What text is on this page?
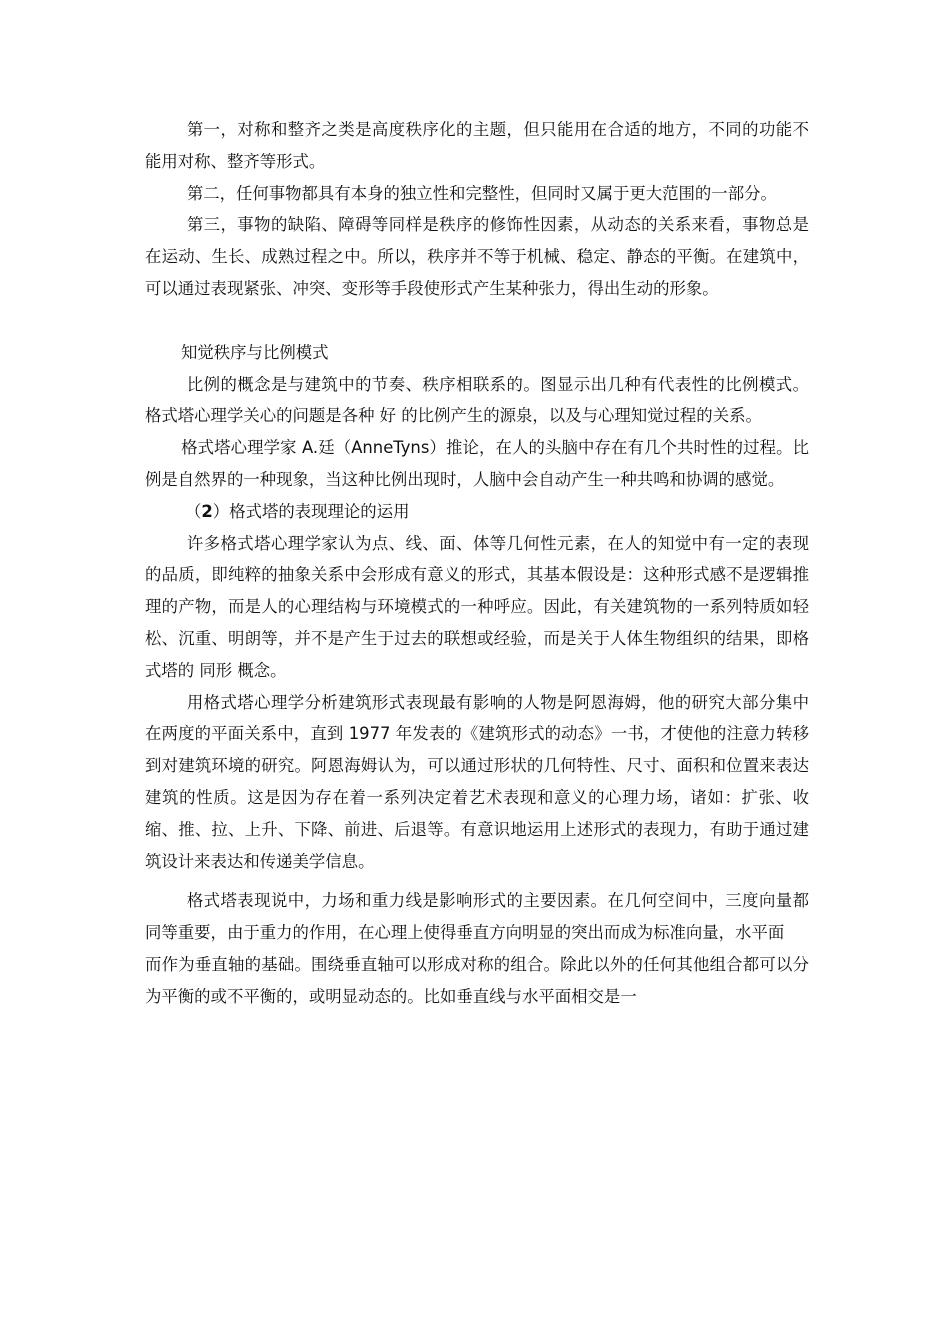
第一，对称和整齐之类是高度秩序化的主题，但只能用在合适的地方，不同的功能不能用对称、整齐等形式。

第二，任何事物都具有本身的独立性和完整性，但同时又属于更大范围的一部分。

第三，事物的缺陷、障碍等同样是秩序的修饰性因素，从动态的关系来看，事物总是在运动、生长、成熟过程之中。所以，秩序并不等于机械、稳定、静态的平衡。在建筑中，可以通过表现紧张、冲突、变形等手段使形式产生某种张力，得出生动的形象。

知觉秩序与比例模式

比例的概念是与建筑中的节奏、秩序相联系的。图显示出几种有代表性的比例模式。格式塔心理学关心的问题是各种 好 的比例产生的源泉，以及与心理知觉过程的关系。

格式塔心理学家 A.廷（AnneTyns）推论，在人的头脑中存在有几个共时性的过程。比例是自然界的一种现象，当这种比例出现时，人脑中会自动产生一种共鸣和协调的感觉。

（2）格式塔的表现理论的运用

许多格式塔心理学家认为点、线、面、体等几何性元素，在人的知觉中有一定的表现的品质，即纯粹的抽象关系中会形成有意义的形式，其基本假设是：这种形式感不是逻辑推理的产物，而是人的心理结构与环境模式的一种呼应。因此，有关建筑物的一系列特质如轻松、沉重、明朗等，并不是产生于过去的联想或经验，而是关于人体生物组织的结果，即格式塔的 同形 概念。

用格式塔心理学分析建筑形式表现最有影响的人物是阿恩海姆，他的研究大部分集中在两度的平面关系中，直到 1977 年发表的《建筑形式的动态》一书，才使他的注意力转移到对建筑环境的研究。阿恩海姆认为，可以通过形状的几何特性、尺寸、面积和位置来表达建筑的性质。这是因为存在着一系列决定着艺术表现和意义的心理力场，诸如：扩张、收缩、推、拉、上升、下降、前进、后退等。有意识地运用上述形式的表现力，有助于通过建筑设计来表达和传递美学信息。

格式塔表现说中，力场和重力线是影响形式的主要因素。在几何空间中，三度向量都同等重要，由于重力的作用，在心理上使得垂直方向明显的突出而成为标准向量，水平面

而作为垂直轴的基础。围绕垂直轴可以形成对称的组合。除此以外的任何其他组合都可以分为平衡的或不平衡的，或明显动态的。比如垂直线与水平面相交是一
